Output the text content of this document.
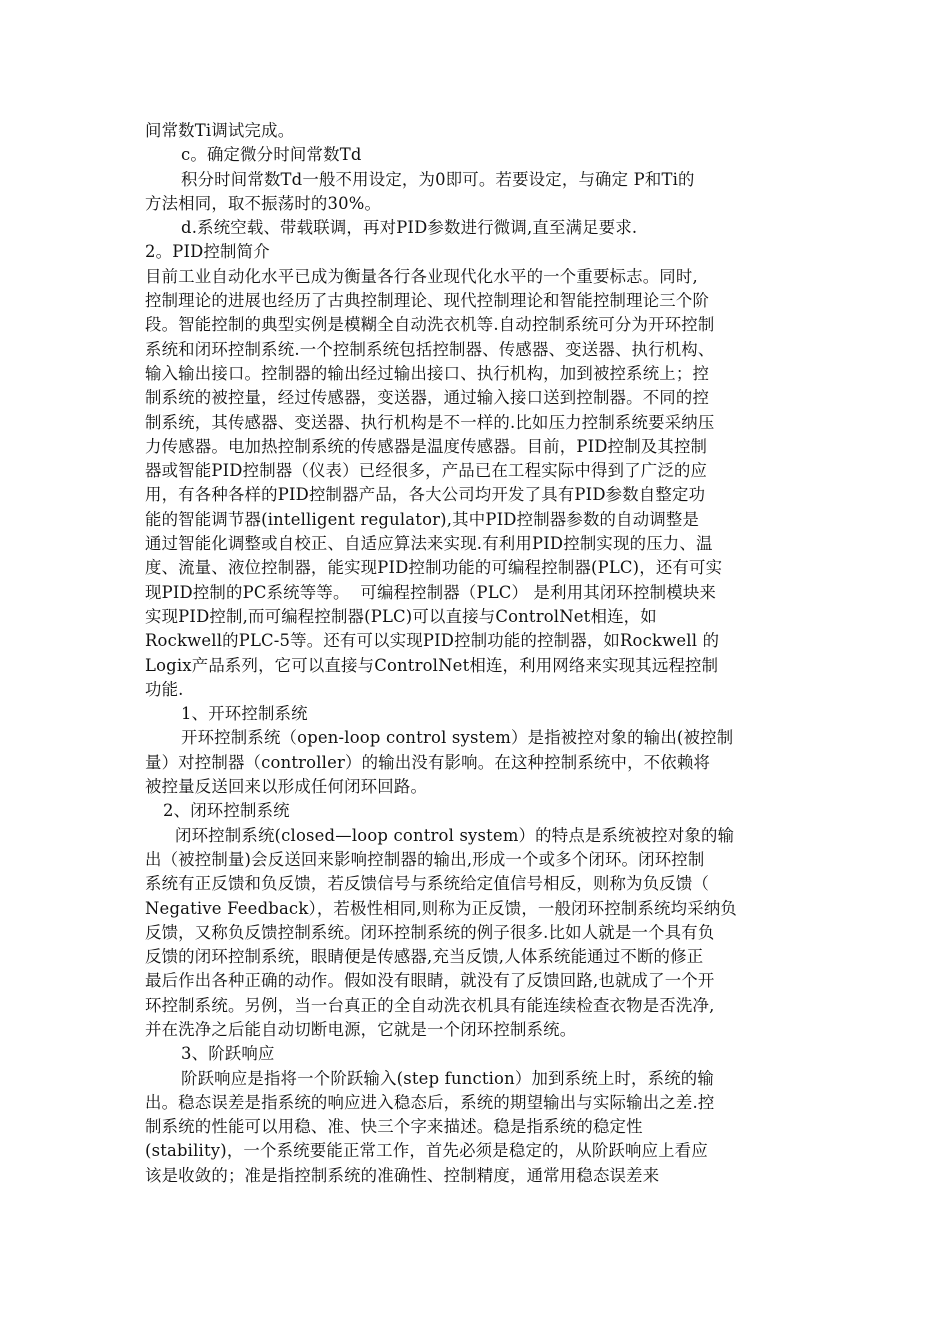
间常数Ti调试完成。
c。确定微分时间常数Td
积分时间常数Td一般不用设定，为0即可。若要设定，与确定 P和Ti的
方法相同，取不振荡时的30%。
d.系统空载、带载联调，再对PID参数进行微调,直至满足要求.
2。PID控制简介
目前工业自动化水平已成为衡量各行各业现代化水平的一个重要标志。同时,
控制理论的进展也经历了古典控制理论、现代控制理论和智能控制理论三个阶
段。智能控制的典型实例是模糊全自动洗衣机等.自动控制系统可分为开环控制
系统和闭环控制系统.一个控制系统包括控制器、传感器、变送器、执行机构、
输入输出接口。控制器的输出经过输出接口、执行机构，加到被控系统上；控
制系统的被控量，经过传感器，变送器，通过输入接口送到控制器。不同的控
制系统，其传感器、变送器、执行机构是不一样的.比如压力控制系统要采纳压
力传感器。电加热控制系统的传感器是温度传感器。目前，PID控制及其控制
器或智能PID控制器（仪表）已经很多，产品已在工程实际中得到了广泛的应
用，有各种各样的PID控制器产品，各大公司均开发了具有PID参数自整定功
能的智能调节器(intelligent regulator),其中PID控制器参数的自动调整是
通过智能化调整或自校正、自适应算法来实现.有利用PID控制实现的压力、温
度、流量、液位控制器，能实现PID控制功能的可编程控制器(PLC)，还有可实
现PID控制的PC系统等等。  可编程控制器（PLC） 是利用其闭环控制模块来
实现PID控制,而可编程控制器(PLC)可以直接与ControlNet相连，如
Rockwell的PLC-5等。还有可以实现PID控制功能的控制器，如Rockwell 的
Logix产品系列，它可以直接与ControlNet相连，利用网络来实现其远程控制
功能.
1、开环控制系统
开环控制系统（open-loop control system）是指被控对象的输出(被控制
量）对控制器（controller）的输出没有影响。在这种控制系统中，不依赖将
被控量反送回来以形成任何闭环回路。
2、闭环控制系统
闭环控制系统(closed—loop control system）的特点是系统被控对象的输
出（被控制量)会反送回来影响控制器的输出,形成一个或多个闭环。闭环控制
系统有正反馈和负反馈，若反馈信号与系统给定值信号相反，则称为负反馈（
Negative Feedback），若极性相同,则称为正反馈，一般闭环控制系统均采纳负
反馈，又称负反馈控制系统。闭环控制系统的例子很多.比如人就是一个具有负
反馈的闭环控制系统，眼睛便是传感器,充当反馈,人体系统能通过不断的修正
最后作出各种正确的动作。假如没有眼睛，就没有了反馈回路,也就成了一个开
环控制系统。另例，当一台真正的全自动洗衣机具有能连续检查衣物是否洗净,
并在洗净之后能自动切断电源，它就是一个闭环控制系统。
3、阶跃响应
阶跃响应是指将一个阶跃输入(step function）加到系统上时，系统的输
出。稳态误差是指系统的响应进入稳态后，系统的期望输出与实际输出之差.控
制系统的性能可以用稳、准、快三个字来描述。稳是指系统的稳定性
(stability)，一个系统要能正常工作，首先必须是稳定的，从阶跃响应上看应
该是收敛的；准是指控制系统的准确性、控制精度，通常用稳态误差来
